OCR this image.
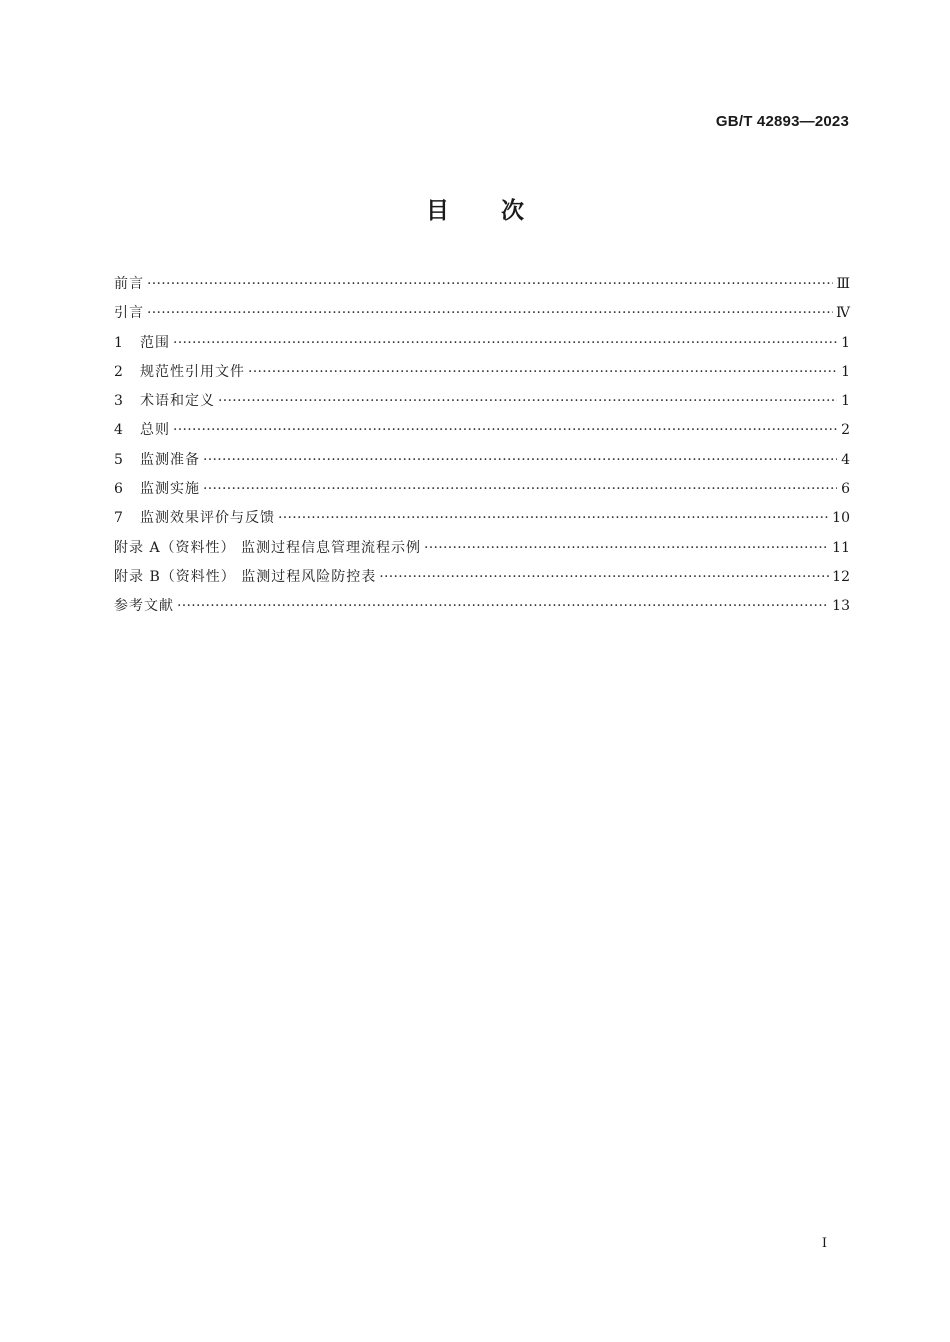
GB/T 42893—2023
目次
前言 ·····	Ⅲ
引言 ·····	Ⅳ
1	范围 ·····	1
2	规范性引用文件 ·····	1
3	术语和定义 ·····	1
4	总则 ·····	2
5	监测准备 ·····	4
6	监测实施 ·····	6
7	监测效果评价与反馈 ·····	10
附录 A（资料性） 监测过程信息管理流程示例 ·····	11
附录 B（资料性） 监测过程风险防控表 ·····	12
参考文献 ·····	13
I
